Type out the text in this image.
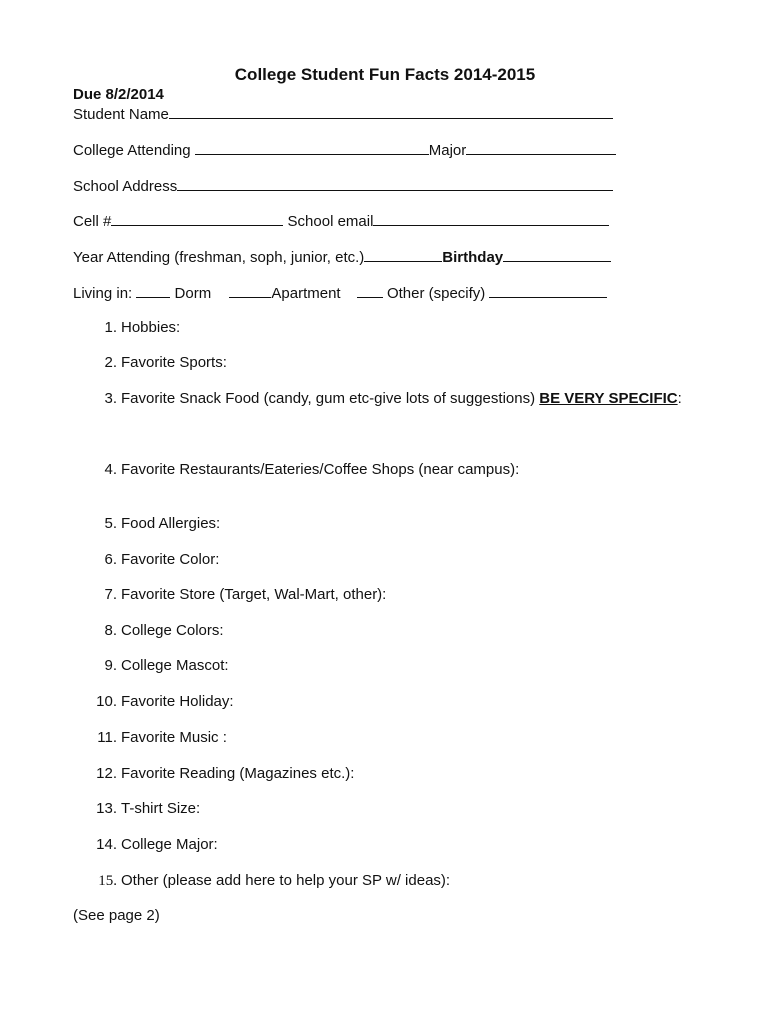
College Student Fun Facts 2014-2015
Due 8/2/2014
Student Name
College Attending	Major
School Address
Cell #	School email
Year Attending (freshman, soph, junior, etc.)	Birthday
Living in:	Dorm	Apartment	Other (specify)
1. Hobbies:
2. Favorite Sports:
3. Favorite Snack Food (candy, gum etc-give lots of suggestions) BE VERY SPECIFIC:
4. Favorite Restaurants/Eateries/Coffee Shops (near campus):
5. Food Allergies:
6. Favorite Color:
7. Favorite Store (Target, Wal-Mart, other):
8. College Colors:
9. College Mascot:
10. Favorite Holiday:
11. Favorite Music :
12. Favorite Reading (Magazines etc.):
13. T-shirt Size:
14. College Major:
15. Other (please add here to help your SP w/ ideas):
(See page 2)
